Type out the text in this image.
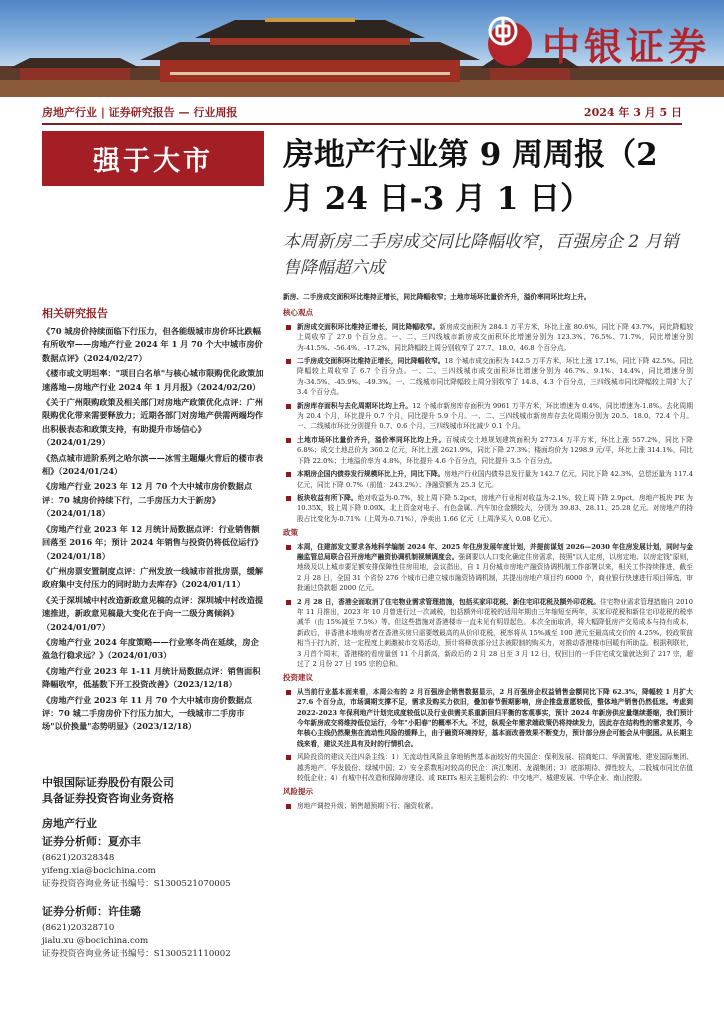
中银证券
房地产行业 | 证券研究报告 — 行业周报	2024 年 3 月 5 日
强于大市	房地产行业第 9 周周报（2 月 24 日-3 月 1 日）
本周新房二手房成交同比降幅收窄，百强房企 2 月销售降幅超六成
相关研究报告
《70 城房价持续面临下行压力，但各能级城市房价环比跌幅有所收窄——房地产行业 2024 年 1 月 70 个大中城市房价数据点评》（2024/02/27）
《楼市或文明坦率："项目白名单"与核心城市限购优化政策加速落地—房地产行业 2024 年 1 月月报》（2024/02/20）
《关于广州限购政策及相关部门对房地产政策优化点评：广州限购优化带来需要释放力；近期各部门对房地产供需两端均作出积极表态和政策支持，有助提升市场信心》（2024/01/29）
《热点城市进阶系列之哈尔滨——冰雪主题爆火背后的楼市表相》（2024/01/24）
《房地产行业 2023 年 12 月 70 个大中城市房价数据点评：70 城房价持续下行，二手房压力大于新房》（2024/01/18）
《房地产行业 2023 年 12 月统计局数据点评：行业销售额回落至 2016 年；预计 2024 年销售与投资仍将低位运行》（2024/01/18）
《广州房票安置制度点评：广州发放一线城市首批房票，缓解政府集中支付压力的同时助力去库存》（2024/01/11）
《关于深圳城中村改造新政意见稿的点评：深圳城中村改造提速推进，新政意见稿最大变化在于向一二级分离倾斜》（2024/01/07）
《房地产行业 2024 年度策略——行业寒冬尚在延续，房企盈急行稳求远？》（2024/01/03）
《房地产行业 2023 年 1-11 月统计局数据点评：销售面积降幅收窄，低基数下开工投资改善》（2023/12/18）
《房地产行业 2023 年 11 月 70 个大中城市房价数据点评：70 城二手房房价下行压力加大，一线城市二手房市场"以价换量"态势明显》（2023/12/18）
中银国际证券股份有限公司
具备证券投资咨询业务资格
房地产行业
证券分析师：夏亦丰
(8621)20328348
yifeng.xia@bocichina.com
证券投资咨询业务证书编号：S1300521070005
证券分析师：许佳璐
(8621)20328710
jialu.xu @bocichina.com
证券投资咨询业务证书编号：S1300521110002
新房、二手房成交面积环比维持正增长，同比降幅收窄；土地市场环比量价齐升，溢价率同环比均上升。
核心观点
新房成交面积环比维持正增长，同比降幅收窄。新房成交面积为 284.1 万平方米，环比上涨 80.6%，同比下降 43.7%，同比降幅较上周收窄了 27.0 个百分点。一、二、三四线城市新房成交面积环比增速分别为 123.3%、76.5%、71.7%，同比增速分别为-41.5%、-56.4%、-17.2%，同比降幅较上周分别收窄了 27.7、18.0、46.8 个百分点。
二手房成交面积环比维持正增长，同比降幅收窄。18 个城市成交面积为 142.5 万平方米，环比上涨 17.1%，同比下降 42.5%。同比降幅较上周收窄了 6.7 个百分点。一、二、三四线城市成交面积环比增速分别为 46.7%、9.1%、14.4%，同比增速分别为-34.5%、-45.9%、-49.3%。一、二线城市同比降幅较上周分别收窄了 14.8、4.3 个百分点，三四线城市同比降幅较上周扩大了 3.4 个百分点。
新房库存面积与去化周期环比均上升。12 个城市新房库存面积为 9961 万平方米，环比增速为 0.4%，同比增速为-1.8%。去化周期为 20.4 个月，环比提升 0.7 个月，同比提升 5.9 个月。一、二、三四线城市新房库存去化周期分别为 20.5、18.0、72.4 个月。一、二线城市环比分别提升 0.7、0.6 个月，三四线城市环比减少 0.1 个月。
土地市场环比量价齐升，溢价率同环比均上升。百城成交土地规划建筑面积为 2773.4 万平方米，环比上涨 557.2%，同比下降 6.8%；成交土地总价为 360.2 亿元，环比上涨 2621.9%，同比下降 27.3%；楼面均价为 1298.9 元/平，环比上涨 314.1%，同比下降 22.0%；土地溢价率为 4.8%，环比提升 4.6 个百分点，同比提升 3.5 个百分点。
本期房企国内债券发行规模环比上升，同比下降。房地产行业国内债券总发行量为 142.7 亿元，同比下降 42.3%，总偿还量为 117.4 亿元，同比下降 0.7%（前值：243.2%）；净融资额为 25.3 亿元。
板块收益有所下降。绝对收益为-0.7%，较上周下降 5.2pct，房地产行业相对收益为-2.1%，较上周下降 2.9pct。房地产板块 PE 为 10.35X，较上周下降 0.09X。北上资金对电子、有色金属、汽车加仓金额较大，分别为 39.83、28.11、25.28 亿元。对房地产的持股占比变化为-0.71%（上周为-0.71%），净卖出 1.66 亿元（上周净买入 0.08 亿元）。
政策
本周，住建部发文要求各地科学编制 2024 年、2025 年住房发展年度计划，并提前谋划 2026—2030 年住房发展计划，同时与金融监管总局联合召开房地产融资协调机制视频调度会。强调要以人口变化确定住房需求，按照"以人定房，以房定地、以房定钱"原则，地级及以上城市要足额安排保障性住房用地，会议指出，自 1 月份城市房地产融资协调机制工作部署以来，相关工作持续推进，截至 2 月 28 日，全国 31 个省份 276 个城市已建立城市融资协调机制，共提出房地产项目约 6000 个，商业银行快速进行项目筛选，审批通过贷款超 2000 亿元。
2 月 28 日，香港全面取消了住宅物业需求管理措施，包括买家印花税、新住宅印花税及额外印花税。住宅物业需求管理措施自 2010 年 11 月推出，2023 年 10 月曾进行过一次减税，包括额外印花税的适用年期由三年缩短至两年，买家印花税和新住宅印花税的税率减半（由 15%减至 7.5%）等。但这些措施对香港楼市一直未见有明显起色。本次全面取消，将大幅降低房产交易成本与持有成本，新政后，非香港本地购房者在香港买房只需要缴最高的从价印花税，税率将从 15%减至 100 港元至最高成交价的 4.25%，较政策前相当于打九折，这一定程度上刺激被市交易活动，预计将释放部分过去被限制的购买力，对推动香港楼市回暖有所助益。根据利联社，3 月首个周末，香港楼的看房量创 11 个月新高，新政后的 2 月 28 日至 3 月 12 日，权回目的一手住宅成交量就达到了 217 宗，超过了 2 月份 27 日 195 宗的总和。
投资建议
从当前行业基本面来看，本周公布的 2 月百强房企销售数据显示，2 月百强房企权益销售金额同比下降 62.3%，降幅较 1 月扩大 27.6 个百分点，市场调期支撑不足，需求及购买力依旧，叠加春节假期影响，房企推盘意愿较低，整体地产销售仍然低迷。考虑到 2022-2023 年保利地产计划完成度较低以及行业供需关系重新回归平衡的客观事实，预计 2024 年新房供应量继续萎缩，我们预计今年新房成交将维持低位运行，今年"小阳春"的概率不大。不过，纵观全年需求端政策仍将持续发力，因此存在结构性的需求复苏，今年核心主线仍然聚焦在流动性风险的缓释上，由于融资环境持好，基本面改善效果不断变力，预计部分房企可能会从中脱困。从长期主线来看，建议关注具有及时的行情机会。
风险投资的建议关注四条主线：1）无流动性风险且拿地销售基本面较好的央国企：保利发展、招商蛇口、华润置地、建发国际集团、越秀地产、华发股份、绿城中国；2）安全系数相对较高的民企：滨江集团、龙湖集团；3）底部期待、弹性较大，二股城市同比估值较低企业；4）有城中村改造和保障房建设、或 REITs 相关主题机会的：中交地产、城建发展、中华企业、南山控股。
风险提示
房地产调控升级；销售超预期下行；融资收紧。
